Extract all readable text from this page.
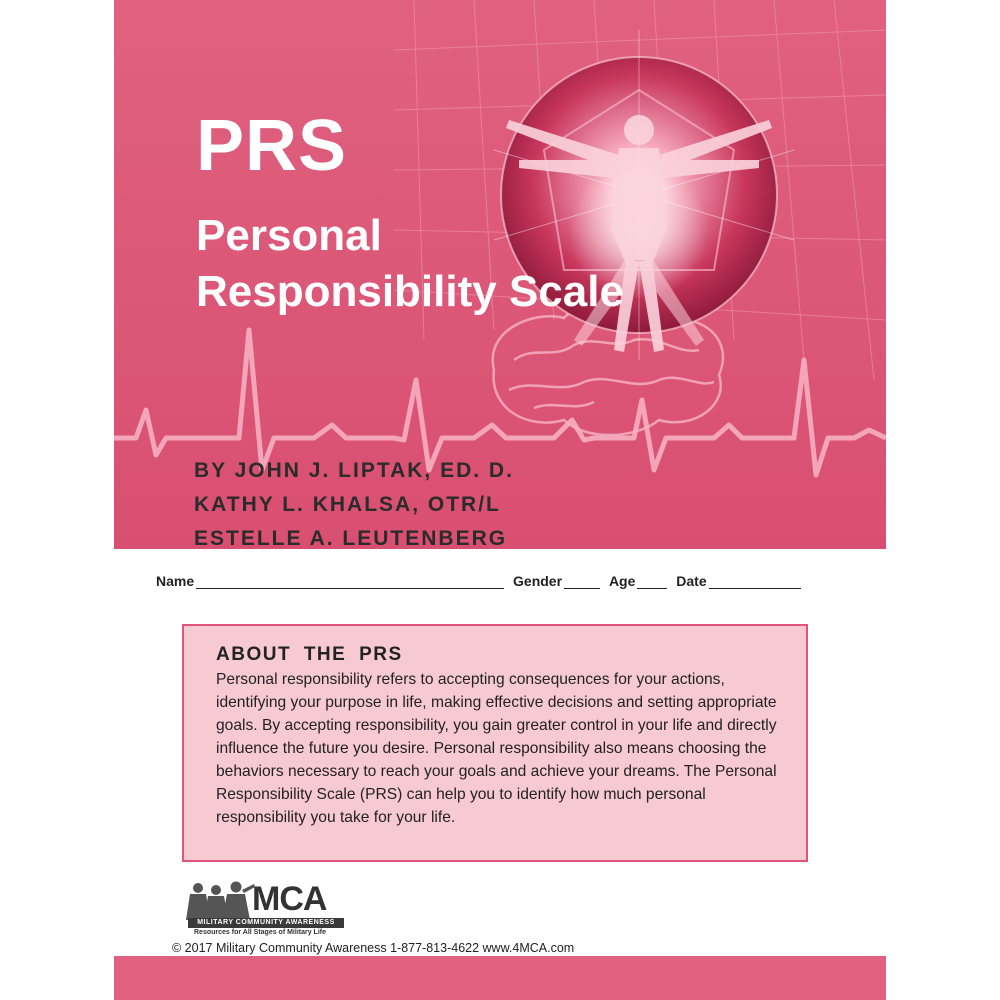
PRS
Personal
Responsibility Scale
BY JOHN J. LIPTAK, ED. D.
KATHY L. KHALSA, OTR/L
ESTELLE A. LEUTENBERG
Name	Gender	Age	Date
ABOUT THE PRS

Personal responsibility refers to accepting consequences for your actions, identifying your purpose in life, making effective decisions and setting appropriate goals. By accepting responsibility, you gain greater control in your life and directly influence the future you desire. Personal responsibility also means choosing the behaviors necessary to reach your goals and achieve your dreams. The Personal Responsibility Scale (PRS) can help you to identify how much personal responsibility you take for your life.

MCA
MILITARY COMMUNITY AWARENESS
Resources for All Stages of Military Life
© 2017 Military Community Awareness 1-877-813-4622 www.4MCA.com
